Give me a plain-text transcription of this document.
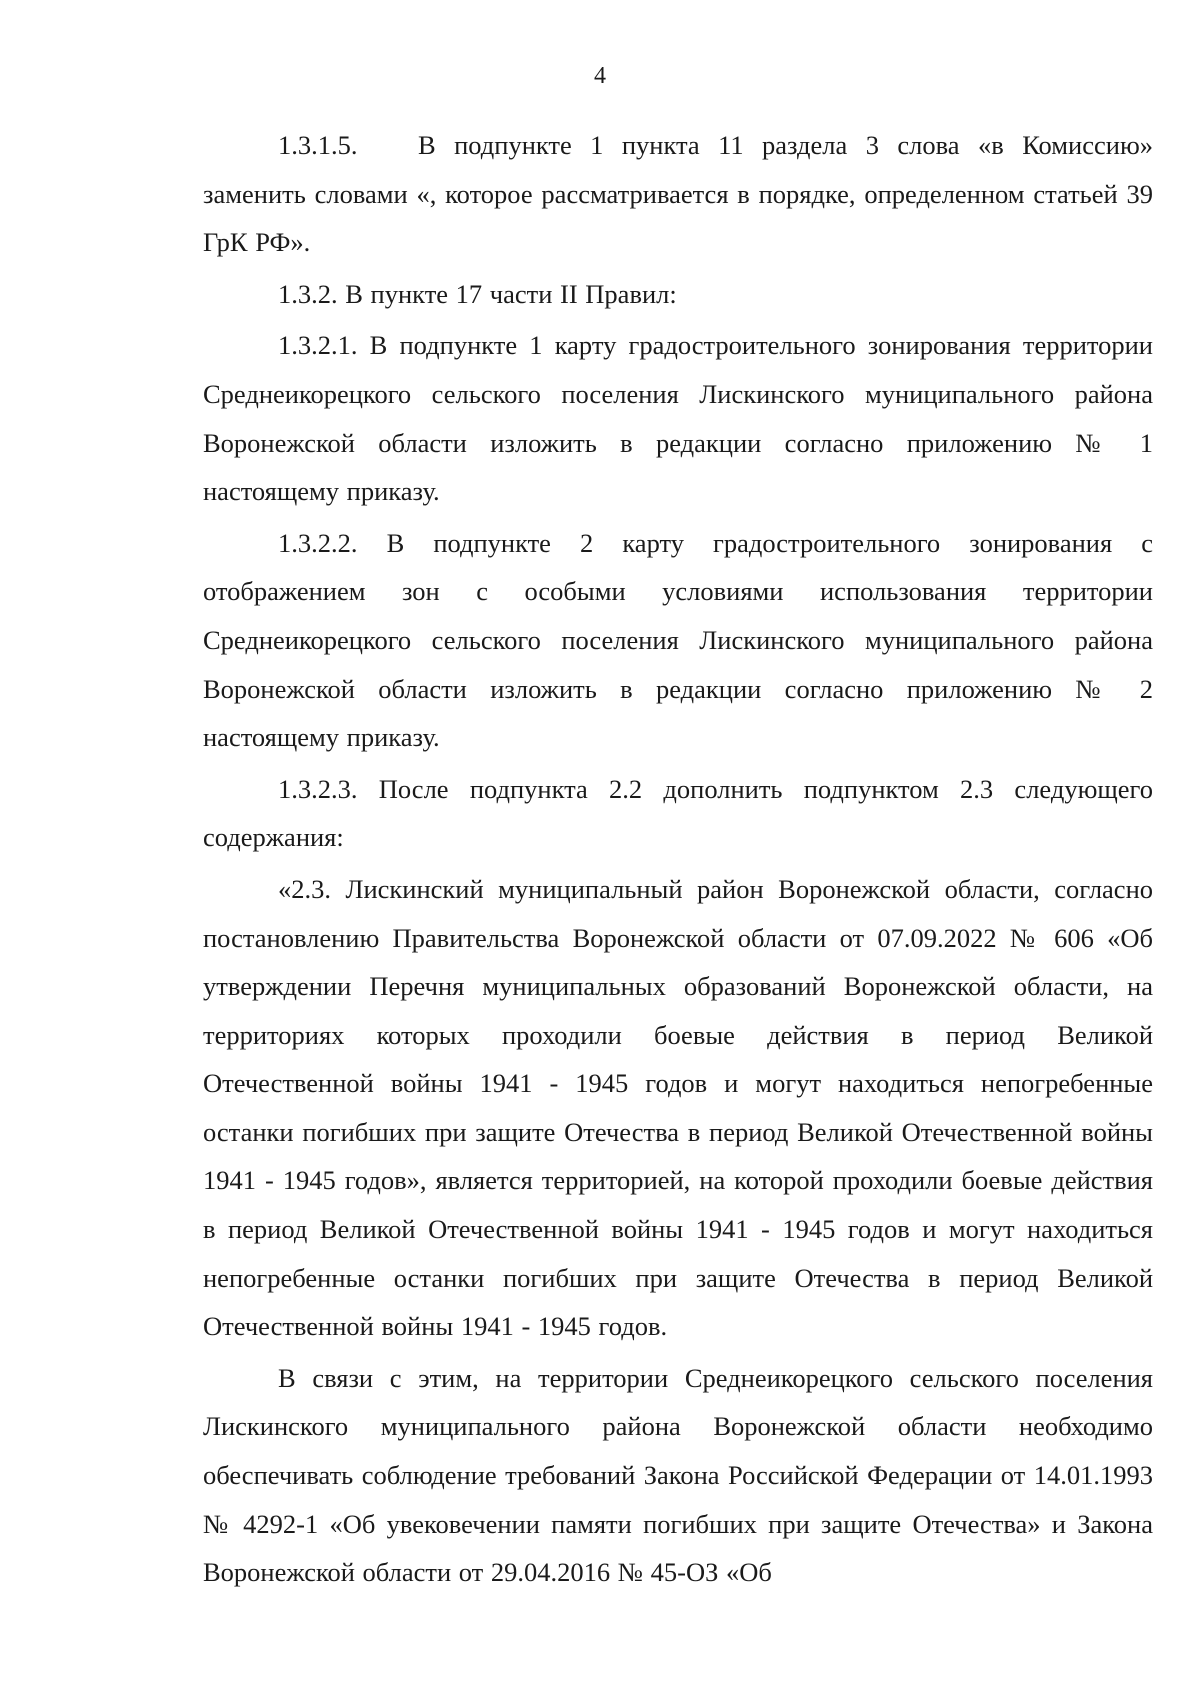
4

1.3.1.5. В подпункте 1 пункта 11 раздела 3 слова «в Комиссию» заменить словами «, которое рассматривается в порядке, определенном статьей 39 ГрК РФ».

1.3.2. В пункте 17 части II Правил:

1.3.2.1. В подпункте 1 карту градостроительного зонирования территории Среднеикорецкого сельского поселения Лискинского муниципального района Воронежской области изложить в редакции согласно приложению № 1 настоящему приказу.

1.3.2.2. В подпункте 2 карту градостроительного зонирования с отображением зон с особыми условиями использования территории Среднеикорецкого сельского поселения Лискинского муниципального района Воронежской области изложить в редакции согласно приложению № 2 настоящему приказу.

1.3.2.3. После подпункта 2.2 дополнить подпунктом 2.3 следующего содержания:

«2.3. Лискинский муниципальный район Воронежской области, согласно постановлению Правительства Воронежской области от 07.09.2022 № 606 «Об утверждении Перечня муниципальных образований Воронежской области, на территориях которых проходили боевые действия в период Великой Отечественной войны 1941 - 1945 годов и могут находиться непогребенные останки погибших при защите Отечества в период Великой Отечественной войны 1941 - 1945 годов», является территорией, на которой проходили боевые действия в период Великой Отечественной войны 1941 - 1945 годов и могут находиться непогребенные останки погибших при защите Отечества в период Великой Отечественной войны 1941 - 1945 годов.

В связи с этим, на территории Среднеикорецкого сельского поселения Лискинского муниципального района Воронежской области необходимо обеспечивать соблюдение требований Закона Российской Федерации от 14.01.1993 № 4292-1 «Об увековечении памяти погибших при защите Отечества» и Закона Воронежской области от 29.04.2016 № 45-ОЗ «Об
